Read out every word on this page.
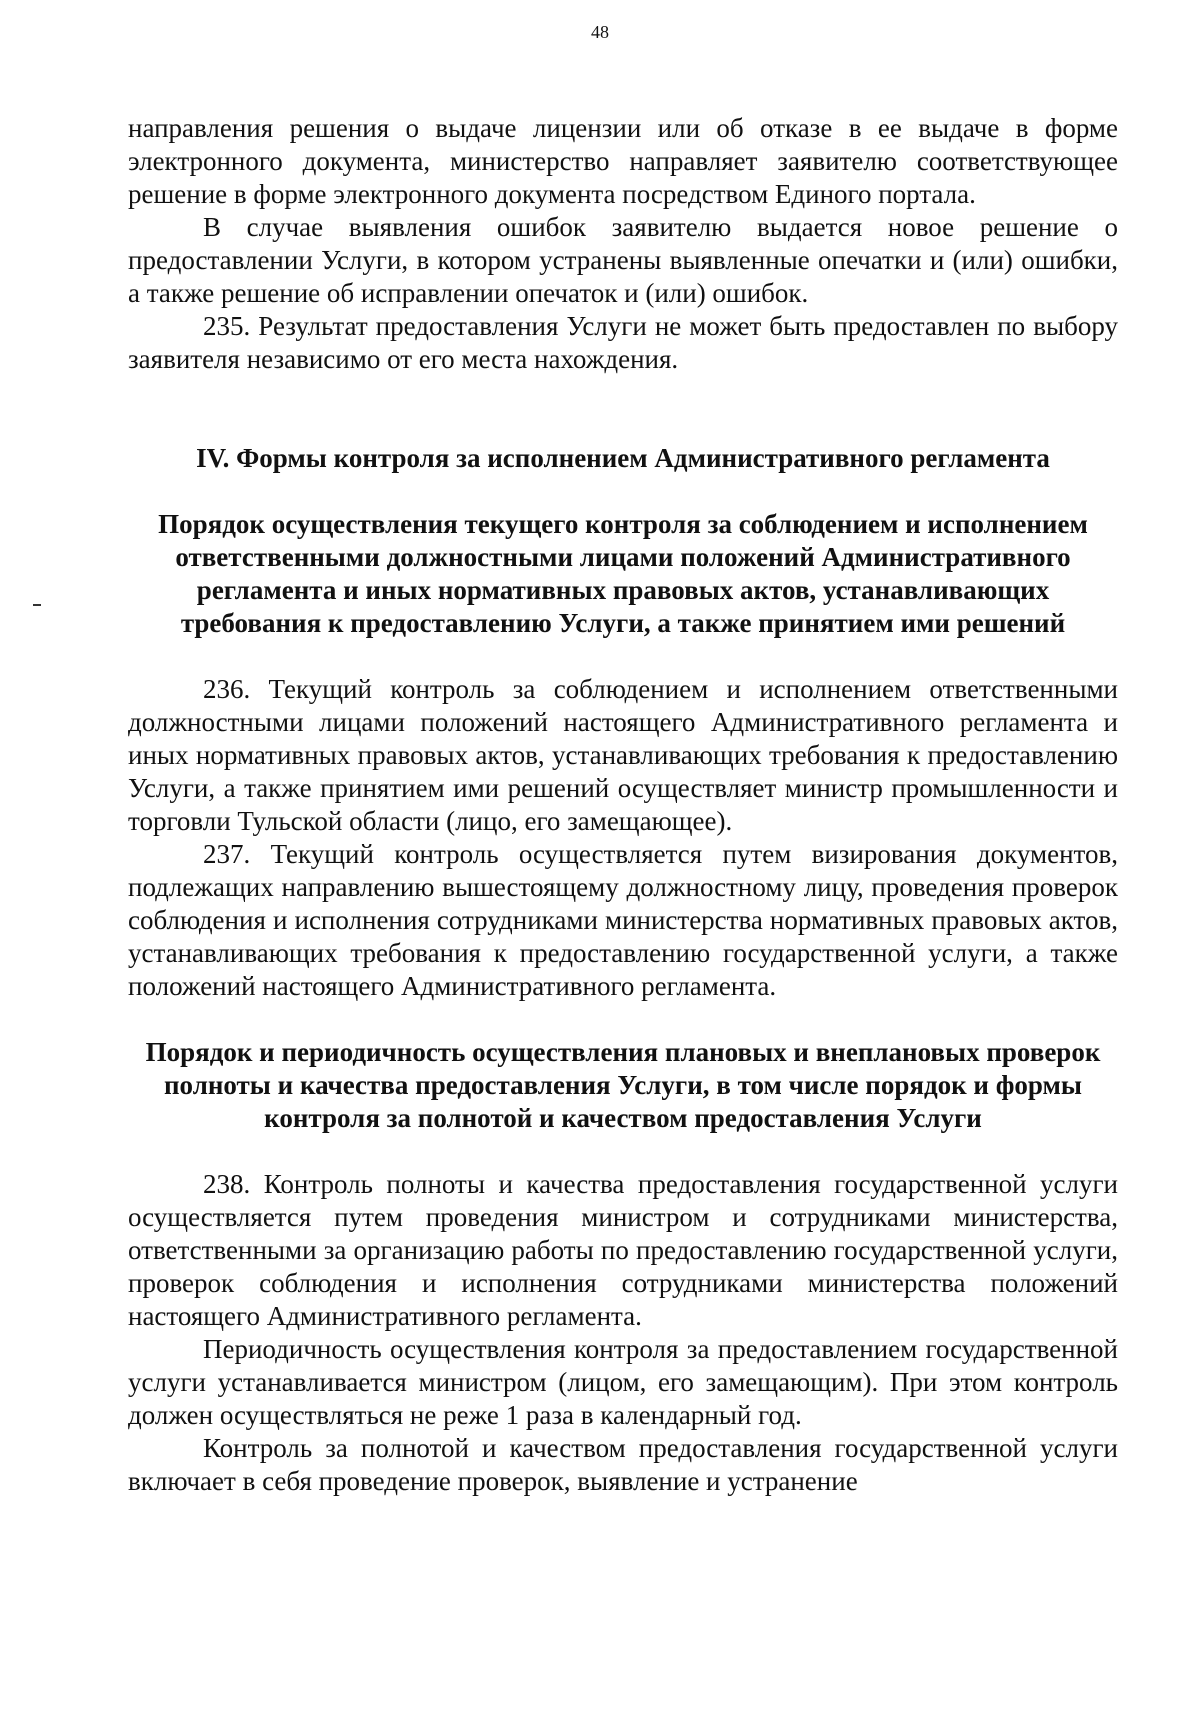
48

направления решения о выдаче лицензии или об отказе в ее выдаче в форме электронного документа, министерство направляет заявителю соответствующее решение в форме электронного документа посредством Единого портала.

В случае выявления ошибок заявителю выдается новое решение о предоставлении Услуги, в котором устранены выявленные опечатки и (или) ошибки, а также решение об исправлении опечаток и (или) ошибок.

235. Результат предоставления Услуги не может быть предоставлен по выбору заявителя независимо от его места нахождения.

IV. Формы контроля за исполнением Административного регламента
Порядок осуществления текущего контроля за соблюдением и исполнением ответственными должностными лицами положений Административного регламента и иных нормативных правовых актов, устанавливающих требования к предоставлению Услуги, а также принятием ими решений

236. Текущий контроль за соблюдением и исполнением ответственными должностными лицами положений настоящего Административного регламента и иных нормативных правовых актов, устанавливающих требования к предоставлению Услуги, а также принятием ими решений осуществляет министр промышленности и торговли Тульской области (лицо, его замещающее).

237. Текущий контроль осуществляется путем визирования документов, подлежащих направлению вышестоящему должностному лицу, проведения проверок соблюдения и исполнения сотрудниками министерства нормативных правовых актов, устанавливающих требования к предоставлению государственной услуги, а также положений настоящего Административного регламента.

Порядок и периодичность осуществления плановых и внеплановых проверок полноты и качества предоставления Услуги, в том числе порядок и формы контроля за полнотой и качеством предоставления Услуги

238. Контроль полноты и качества предоставления государственной услуги осуществляется путем проведения министром и сотрудниками министерства, ответственными за организацию работы по предоставлению государственной услуги, проверок соблюдения и исполнения сотрудниками министерства положений настоящего Административного регламента.

Периодичность осуществления контроля за предоставлением государственной услуги устанавливается министром (лицом, его замещающим). При этом контроль должен осуществляться не реже 1 раза в календарный год.

Контроль за полнотой и качеством предоставления государственной услуги включает в себя проведение проверок, выявление и устранение
